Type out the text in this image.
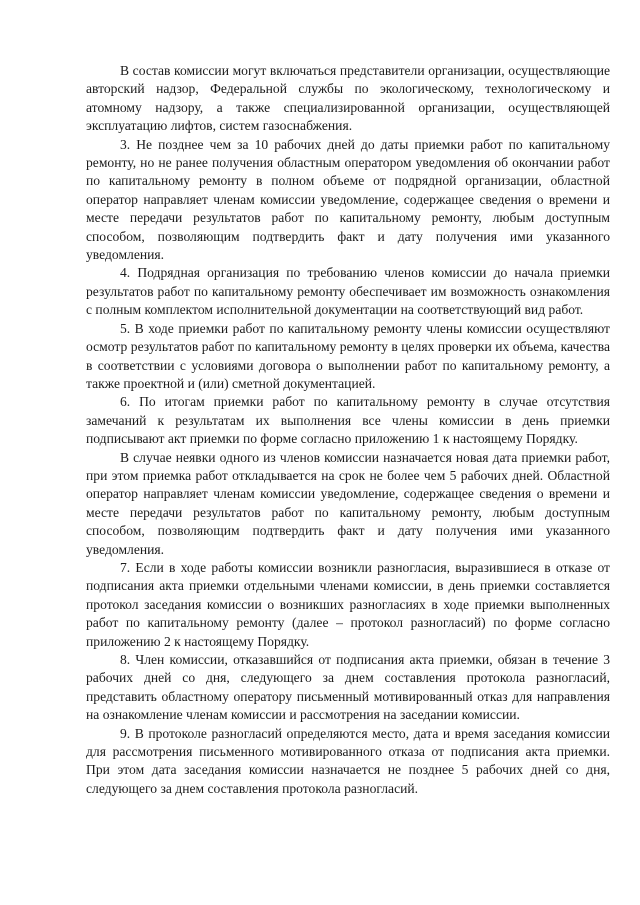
В состав комиссии могут включаться представители организации, осуществляющие авторский надзор, Федеральной службы по экологическому, технологическому и атомному надзору, а также специализированной организации, осуществляющей эксплуатацию лифтов, систем газоснабжения.

3. Не позднее чем за 10 рабочих дней до даты приемки работ по капитальному ремонту, но не ранее получения областным оператором уведомления об окончании работ по капитальному ремонту в полном объеме от подрядной организации, областной оператор направляет членам комиссии уведомление, содержащее сведения о времени и месте передачи результатов работ по капитальному ремонту, любым доступным способом, позволяющим подтвердить факт и дату получения ими указанного уведомления.

4. Подрядная организация по требованию членов комиссии до начала приемки результатов работ по капитальному ремонту обеспечивает им возможность ознакомления с полным комплектом исполнительной документации на соответствующий вид работ.

5. В ходе приемки работ по капитальному ремонту члены комиссии осуществляют осмотр результатов работ по капитальному ремонту в целях проверки их объема, качества в соответствии с условиями договора о выполнении работ по капитальному ремонту, а также проектной и (или) сметной документацией.

6. По итогам приемки работ по капитальному ремонту в случае отсутствия замечаний к результатам их выполнения все члены комиссии в день приемки подписывают акт приемки по форме согласно приложению 1 к настоящему Порядку.

В случае неявки одного из членов комиссии назначается новая дата приемки работ, при этом приемка работ откладывается на срок не более чем 5 рабочих дней. Областной оператор направляет членам комиссии уведомление, содержащее сведения о времени и месте передачи результатов работ по капитальному ремонту, любым доступным способом, позволяющим подтвердить факт и дату получения ими указанного уведомления.

7. Если в ходе работы комиссии возникли разногласия, выразившиеся в отказе от подписания акта приемки отдельными членами комиссии, в день приемки составляется протокол заседания комиссии о возникших разногласиях в ходе приемки выполненных работ по капитальному ремонту (далее – протокол разногласий) по форме согласно приложению 2 к настоящему Порядку.

8. Член комиссии, отказавшийся от подписания акта приемки, обязан в течение 3 рабочих дней со дня, следующего за днем составления протокола разногласий, представить областному оператору письменный мотивированный отказ для направления на ознакомление членам комиссии и рассмотрения на заседании комиссии.

9. В протоколе разногласий определяются место, дата и время заседания комиссии для рассмотрения письменного мотивированного отказа от подписания акта приемки. При этом дата заседания комиссии назначается не позднее 5 рабочих дней со дня, следующего за днем составления протокола разногласий.
